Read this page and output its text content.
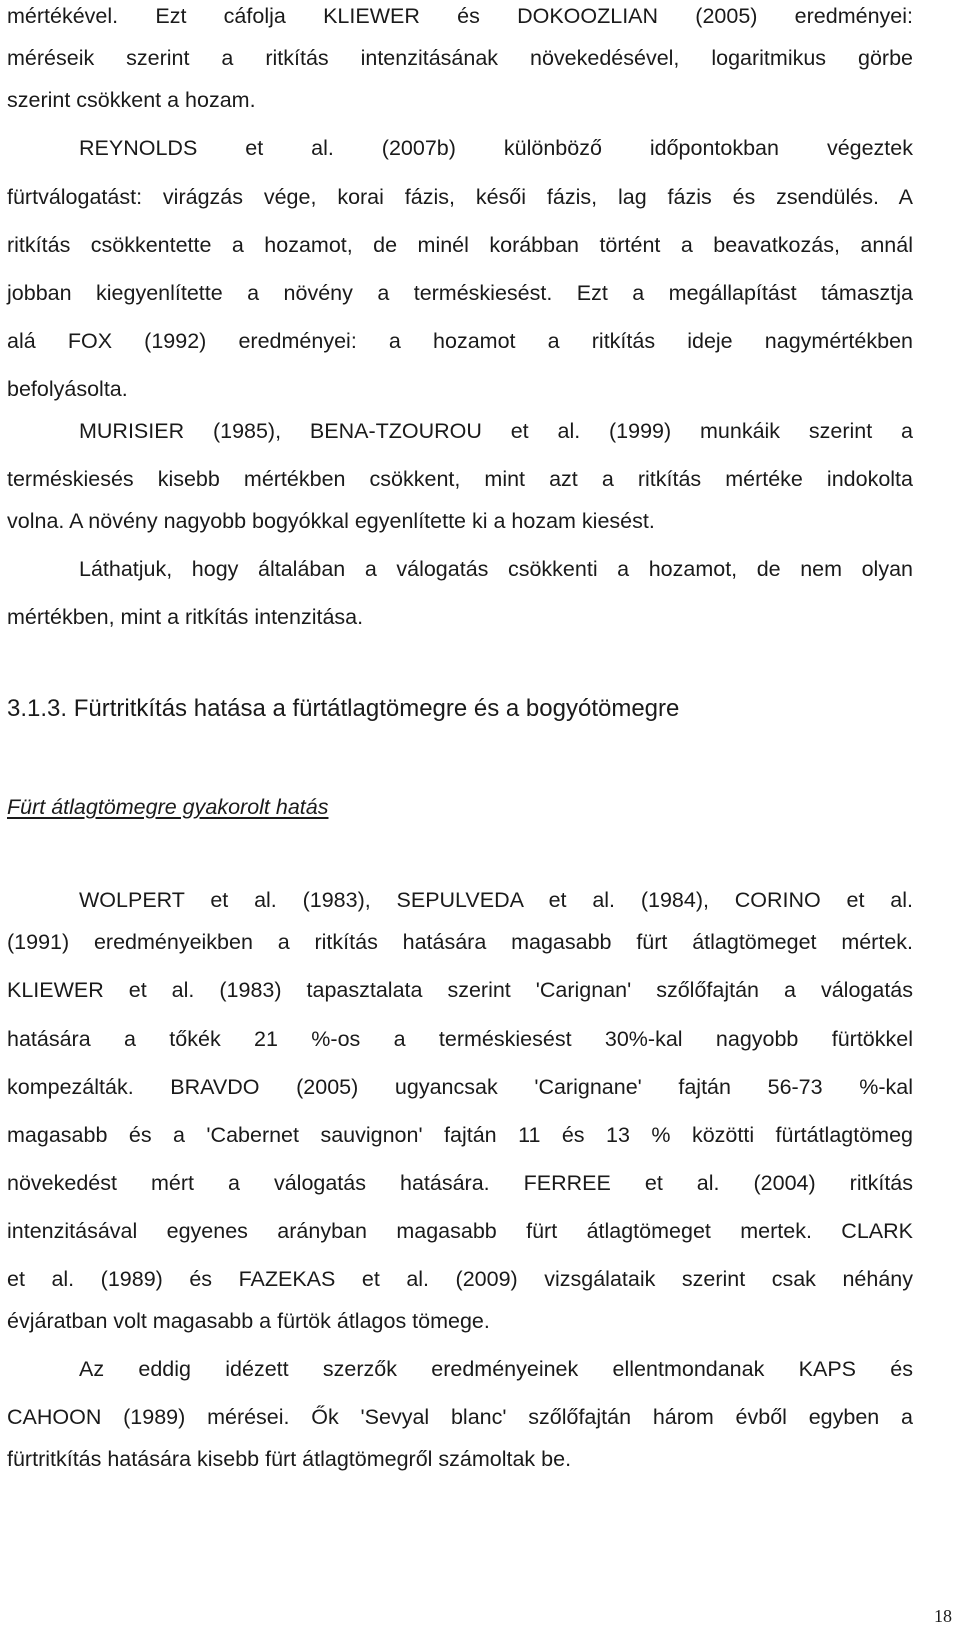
mértékével. Ezt cáfolja KLIEWER és DOKOOZLIAN (2005) eredményei:
méréseik szerint a ritkítás intenzitásának növekedésével, logaritmikus görbe
szerint csökkent a hozam.
REYNOLDS et al. (2007b) különböző időpontokban végeztek
fürtválogatást: virágzás vége, korai fázis, késői fázis, lag fázis és zsendülés. A
ritkítás csökkentette a hozamot, de minél korábban történt a beavatkozás, annál
jobban kiegyenlítette a növény a terméskiesést. Ezt a megállapítást támasztja
alá FOX (1992) eredményei: a hozamot a ritkítás ideje nagymértékben
befolyásolta.
MURISIER (1985), BENA-TZOUROU et al. (1999) munkáik szerint a
terméskiesés kisebb mértékben csökkent, mint azt a ritkítás mértéke indokolta
volna. A növény nagyobb bogyókkal egyenlítette ki a hozam kiesést.
Láthatjuk, hogy általában a válogatás csökkenti a hozamot, de nem olyan
mértékben, mint a ritkítás intenzitása.
3.1.3. Fürtritkítás hatása a fürtátlagtömegre és a bogyótömegre
Fürt átlagtömegre gyakorolt hatás
WOLPERT et al. (1983), SEPULVEDA et al. (1984), CORINO et al.
(1991) eredményeikben a ritkítás hatására magasabb fürt átlagtömeget mértek.
KLIEWER et al. (1983) tapasztalata szerint 'Carignan' szőlőfajtán a válogatás
hatására a tőkék 21 %-os a terméskiesést 30%-kal nagyobb fürtökkel
kompezálták. BRAVDO (2005) ugyancsak 'Carignane' fajtán 56-73 %-kal
magasabb és a 'Cabernet sauvignon' fajtán 11 és 13 % közötti fürtátlagtömeg
növekedést mért a válogatás hatására. FERREE et al. (2004) ritkítás
intenzitásával egyenes arányban magasabb fürt átlagtömeget mertek. CLARK
et al. (1989) és FAZEKAS et al. (2009) vizsgálataik szerint csak néhány
évjáratban volt magasabb a fürtök átlagos tömege.
Az eddig idézett szerzők eredményeinek ellentmondanak KAPS és
CAHOON (1989) mérései. Ők 'Sevyal blanc' szőlőfajtán három évből egyben a
fürtritkítás hatására kisebb fürt átlagtömegről számoltak be.
18
